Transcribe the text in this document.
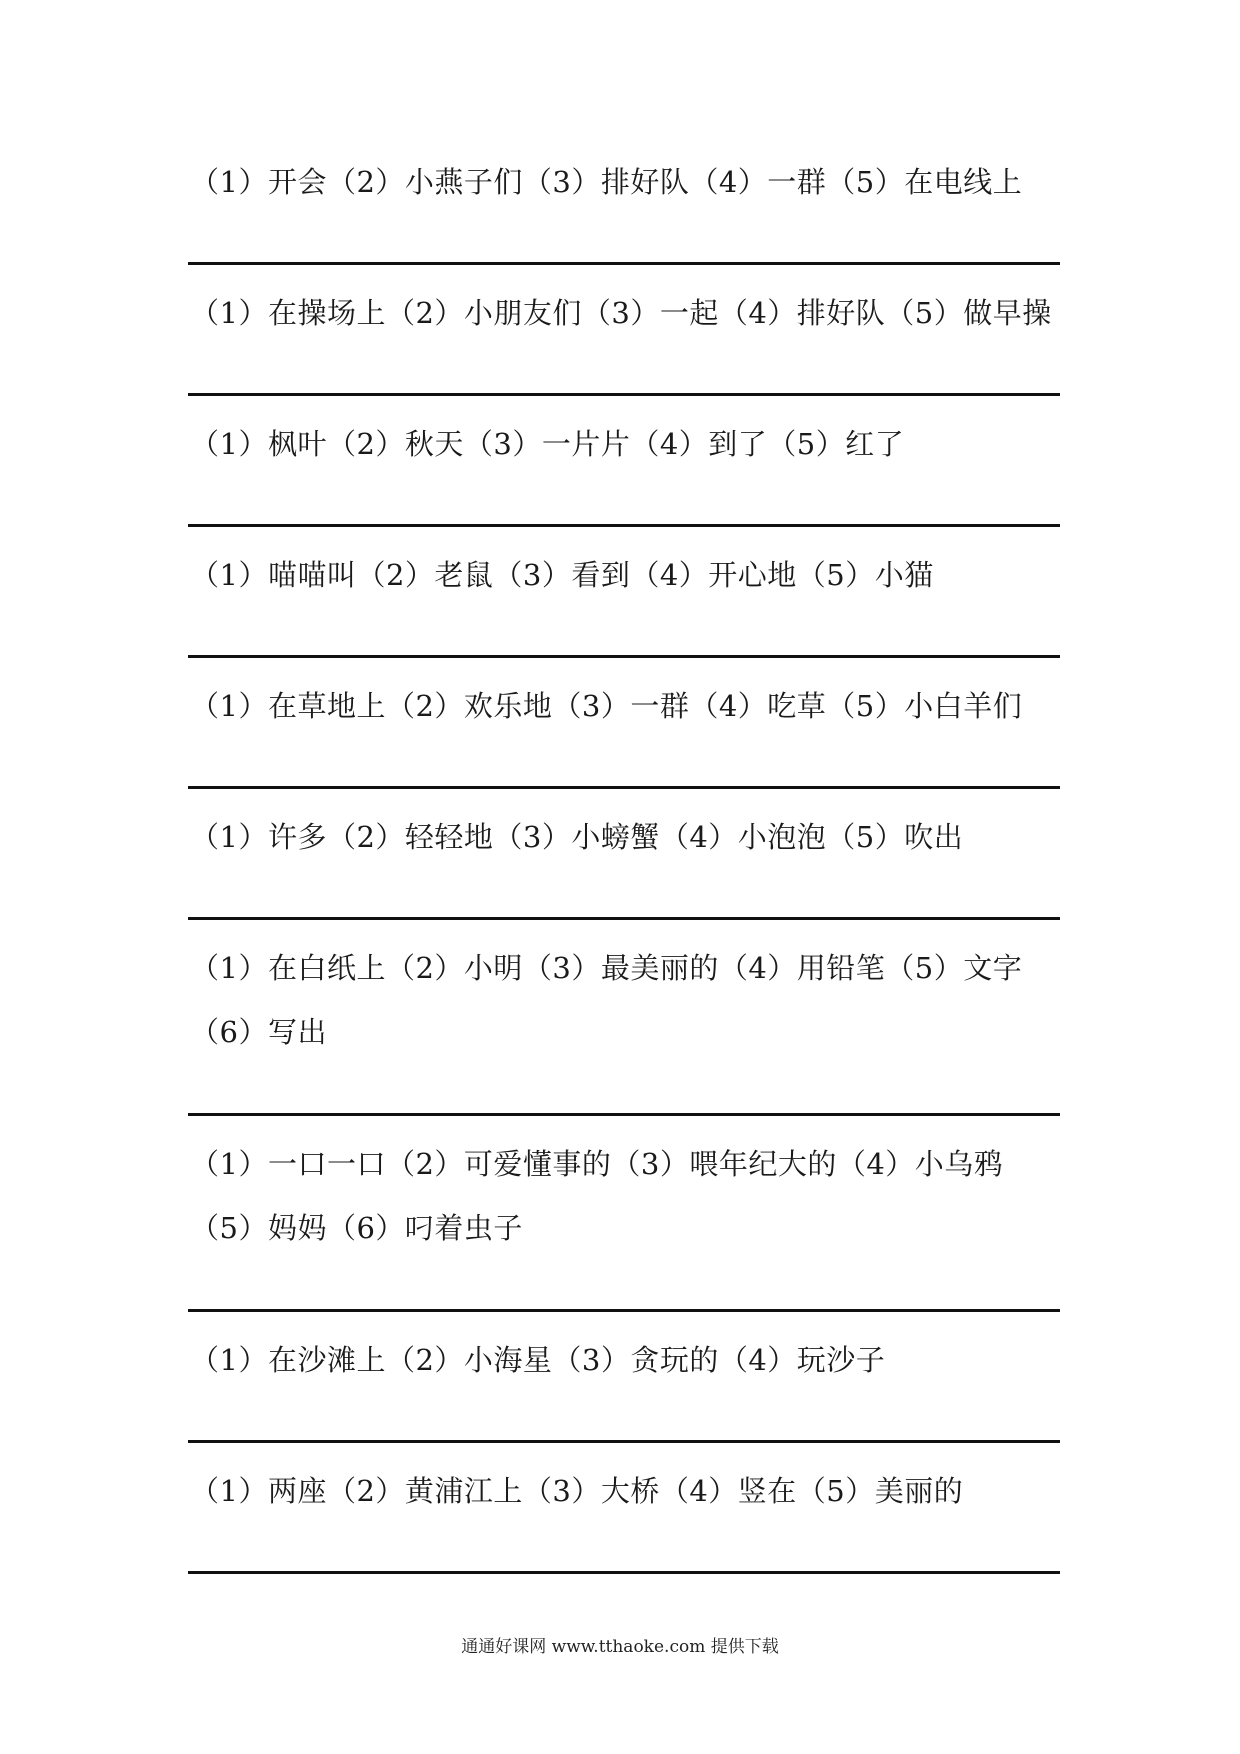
（1）开会（2）小燕子们（3）排好队（4）一群（5）在电线上
（1）在操场上（2）小朋友们（3）一起（4）排好队（5）做早操
（1）枫叶（2）秋天（3）一片片（4）到了（5）红了
（1）喵喵叫（2）老鼠（3）看到（4）开心地（5）小猫
（1）在草地上（2）欢乐地（3）一群（4）吃草（5）小白羊们
（1）许多（2）轻轻地（3）小螃蟹（4）小泡泡（5）吹出
（1）在白纸上（2）小明（3）最美丽的（4）用铅笔（5）文字（6）写出
（1）一口一口（2）可爱懂事的（3）喂年纪大的（4）小乌鸦（5）妈妈（6）叼着虫子
（1）在沙滩上（2）小海星（3）贪玩的（4）玩沙子
（1）两座（2）黄浦江上（3）大桥（4）竖在（5）美丽的
通通好课网 www.tthaoke.com 提供下载
